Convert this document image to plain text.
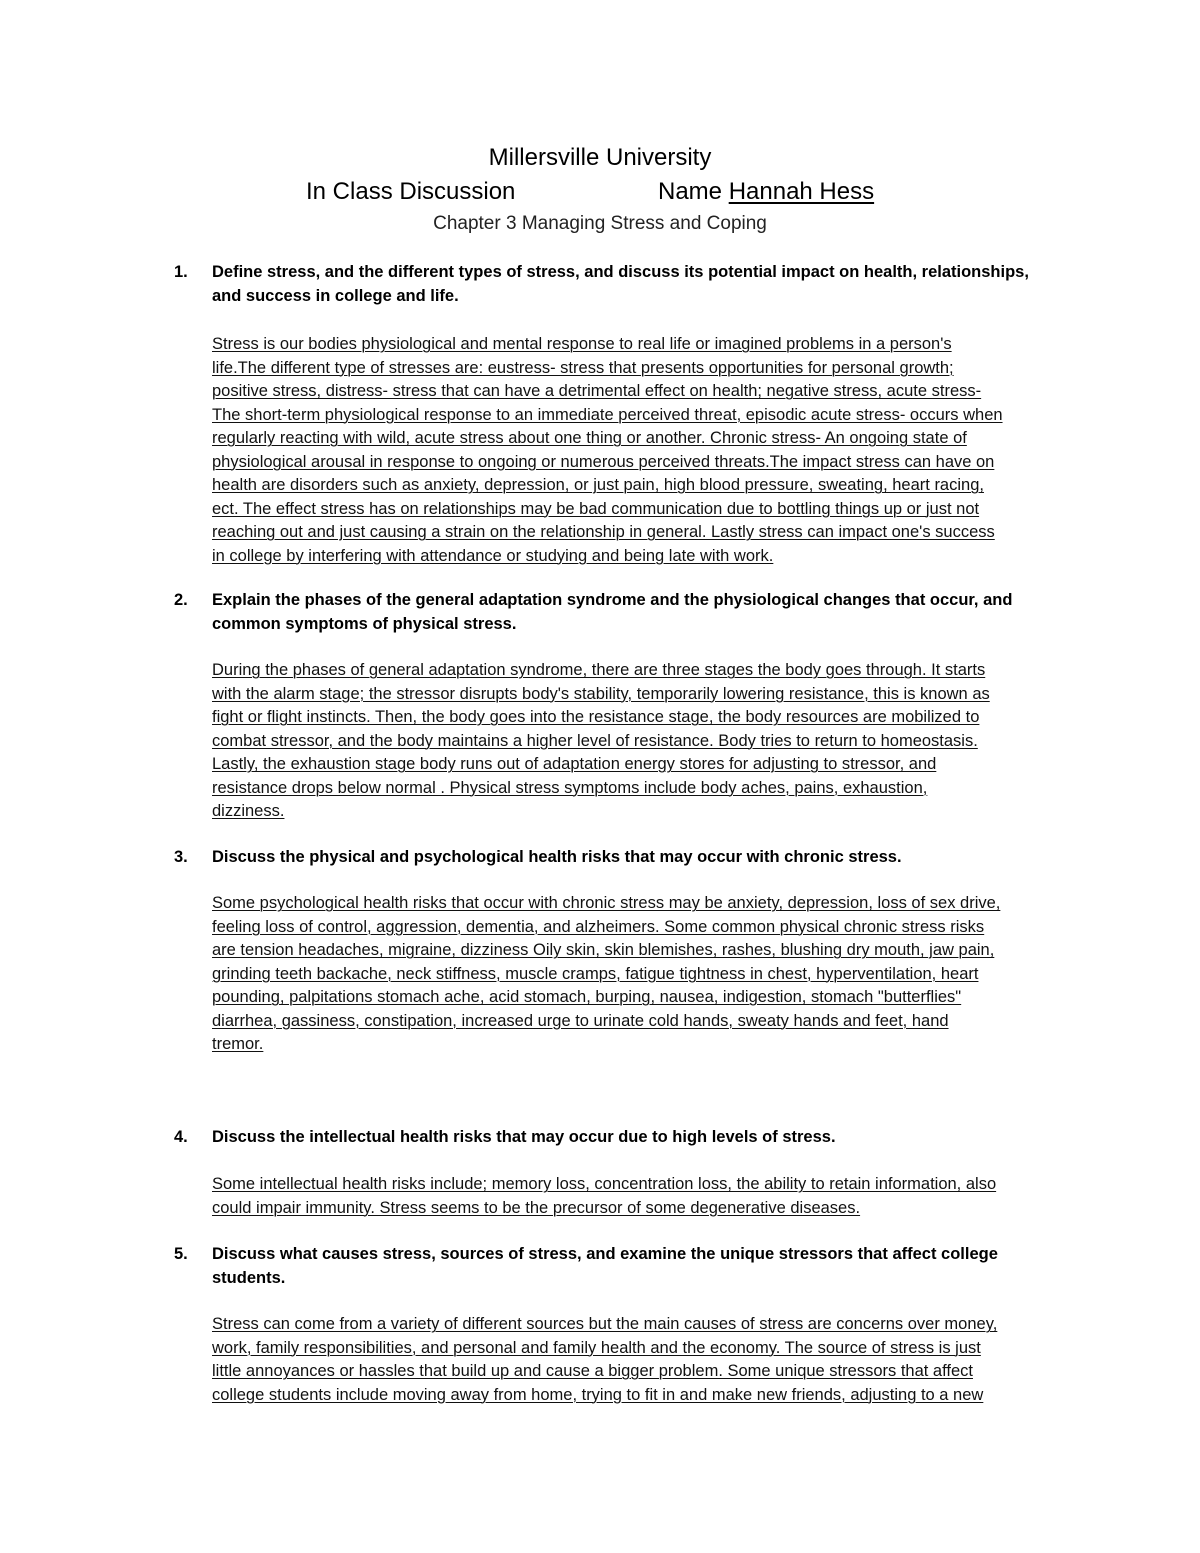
Millersville University
In Class Discussion	Name Hannah Hess
Chapter 3 Managing Stress and Coping
1. Define stress, and the different types of stress, and discuss its potential impact on health, relationships, and success in college and life.
Stress is our bodies physiological and mental response to real life or imagined problems in a person's
life.The different type of stresses are: eustress- stress that presents opportunities for personal growth;
positive stress, distress- stress that can have a detrimental effect on health; negative stress, acute stress-
The short-term physiological response to an immediate perceived threat, episodic acute stress- occurs when
regularly reacting with wild, acute stress about one thing or another. Chronic stress- An ongoing state of
physiological arousal in response to ongoing or numerous perceived threats.The impact stress can have on
health are disorders such as anxiety, depression, or just pain, high blood pressure, sweating, heart racing,
ect. The effect stress has on relationships may be bad communication due to bottling things up or just not
reaching out and just causing a strain on the relationship in general. Lastly stress can impact one's success
in college by interfering with attendance or studying and being late with work.
2. Explain the phases of the general adaptation syndrome and the physiological changes that occur, and common symptoms of physical stress.
During the phases of general adaptation syndrome, there are three stages the body goes through. It starts
with the alarm stage; the stressor disrupts body's stability, temporarily lowering resistance, this is known as
fight or flight instincts. Then, the body goes into the resistance stage, the body resources are mobilized to
combat stressor, and the body maintains a higher level of resistance. Body tries to return to homeostasis.
Lastly, the exhaustion stage body runs out of adaptation energy stores for adjusting to stressor, and
resistance drops below normal . Physical stress symptoms include body aches, pains, exhaustion,
dizziness.
3. Discuss the physical and psychological health risks that may occur with chronic stress.
Some psychological health risks that occur with chronic stress may be anxiety, depression, loss of sex drive,
feeling loss of control, aggression, dementia, and alzheimers. Some common physical chronic stress risks
are tension headaches, migraine, dizziness Oily skin, skin blemishes, rashes, blushing dry mouth, jaw pain,
grinding teeth backache, neck stiffness, muscle cramps, fatigue tightness in chest, hyperventilation, heart
pounding, palpitations stomach ache, acid stomach, burping, nausea, indigestion, stomach "butterflies"
diarrhea, gassiness, constipation, increased urge to urinate cold hands, sweaty hands and feet, hand
tremor.
4. Discuss the intellectual health risks that may occur due to high levels of stress.
Some intellectual health risks include; memory loss, concentration loss, the ability to retain information, also
could impair immunity. Stress seems to be the precursor of some degenerative diseases.
5. Discuss what causes stress, sources of stress, and examine the unique stressors that affect college students.
Stress can come from a variety of different sources but the main causes of stress are concerns over money,
work, family responsibilities, and personal and family health and the economy. The source of stress is just
little annoyances or hassles that build up and cause a bigger problem. Some unique stressors that affect
college students include moving away from home, trying to fit in and make new friends, adjusting to a new
